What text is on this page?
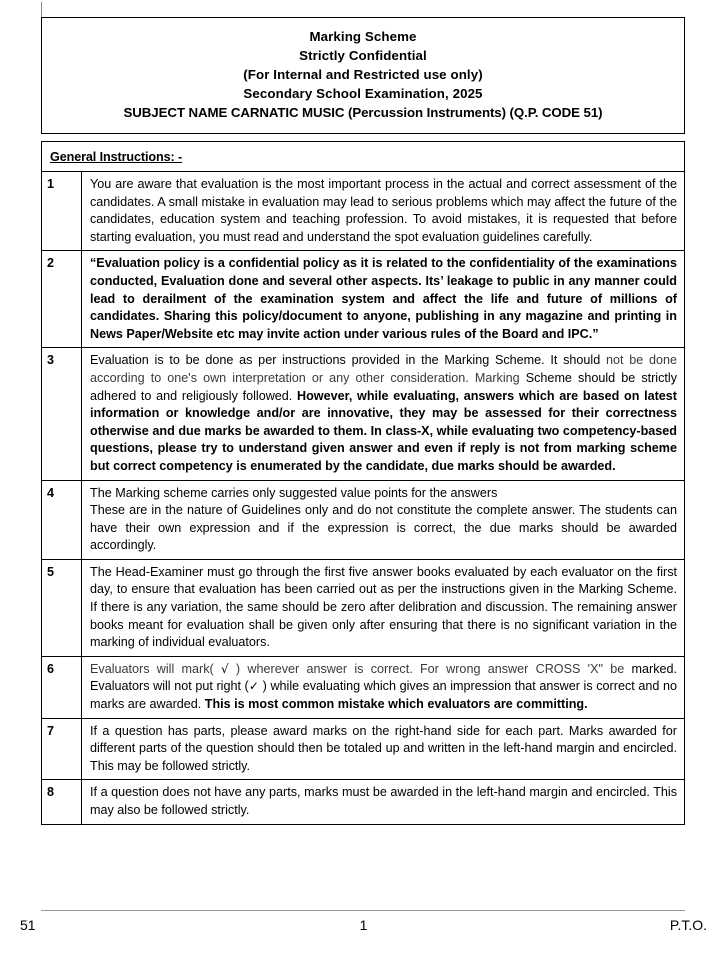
Marking Scheme
Strictly Confidential
(For Internal and Restricted use only)
Secondary School Examination, 2025
SUBJECT NAME CARNATIC MUSIC (Percussion Instruments) (Q.P. CODE 51)
General Instructions: -
1	You are aware that evaluation is the most important process in the actual and correct assessment of the candidates. A small mistake in evaluation may lead to serious problems which may affect the future of the candidates, education system and teaching profession. To avoid mistakes, it is requested that before starting evaluation, you must read and understand the spot evaluation guidelines carefully.
2	“Evaluation policy is a confidential policy as it is related to the confidentiality of the examinations conducted, Evaluation done and several other aspects. Its’ leakage to public in any manner could lead to derailment of the examination system and affect the life and future of millions of candidates. Sharing this policy/document to anyone, publishing in any magazine and printing in News Paper/Website etc may invite action under various rules of the Board and IPC.”
3	Evaluation is to be done as per instructions provided in the Marking Scheme. It should not be done according to one's own interpretation or any other consideration. Marking Scheme should be strictly adhered to and religiously followed. However, while evaluating, answers which are based on latest information or knowledge and/or are innovative, they may be assessed for their correctness otherwise and due marks be awarded to them. In class-X, while evaluating two competency-based questions, please try to understand given answer and even if reply is not from marking scheme but correct competency is enumerated by the candidate, due marks should be awarded.
4	The Marking scheme carries only suggested value points for the answers

These are in the nature of Guidelines only and do not constitute the complete answer. The students can have their own expression and if the expression is correct, the due marks should be awarded accordingly.

5	The Head-Examiner must go through the first five answer books evaluated by each evaluator on the first day, to ensure that evaluation has been carried out as per the instructions given in the Marking Scheme. If there is any variation, the same should be zero after delibration and discussion. The remaining answer books meant for evaluation shall be given only after ensuring that there is no significant variation in the marking of individual evaluators.
6	Evaluators will mark( √ ) wherever answer is correct. For wrong answer CROSS 'X" be marked. Evaluators will not put right (✓ ) while evaluating which gives an impression that answer is correct and no marks are awarded. This is most common mistake which evaluators are committing.
7	If a question has parts, please award marks on the right-hand side for each part. Marks awarded for different parts of the question should then be totaled up and written in the left-hand margin and encircled. This may be followed strictly.
8	If a question does not have any parts, marks must be awarded in the left-hand margin and encircled. This may also be followed strictly.
51	1	P.T.O.
